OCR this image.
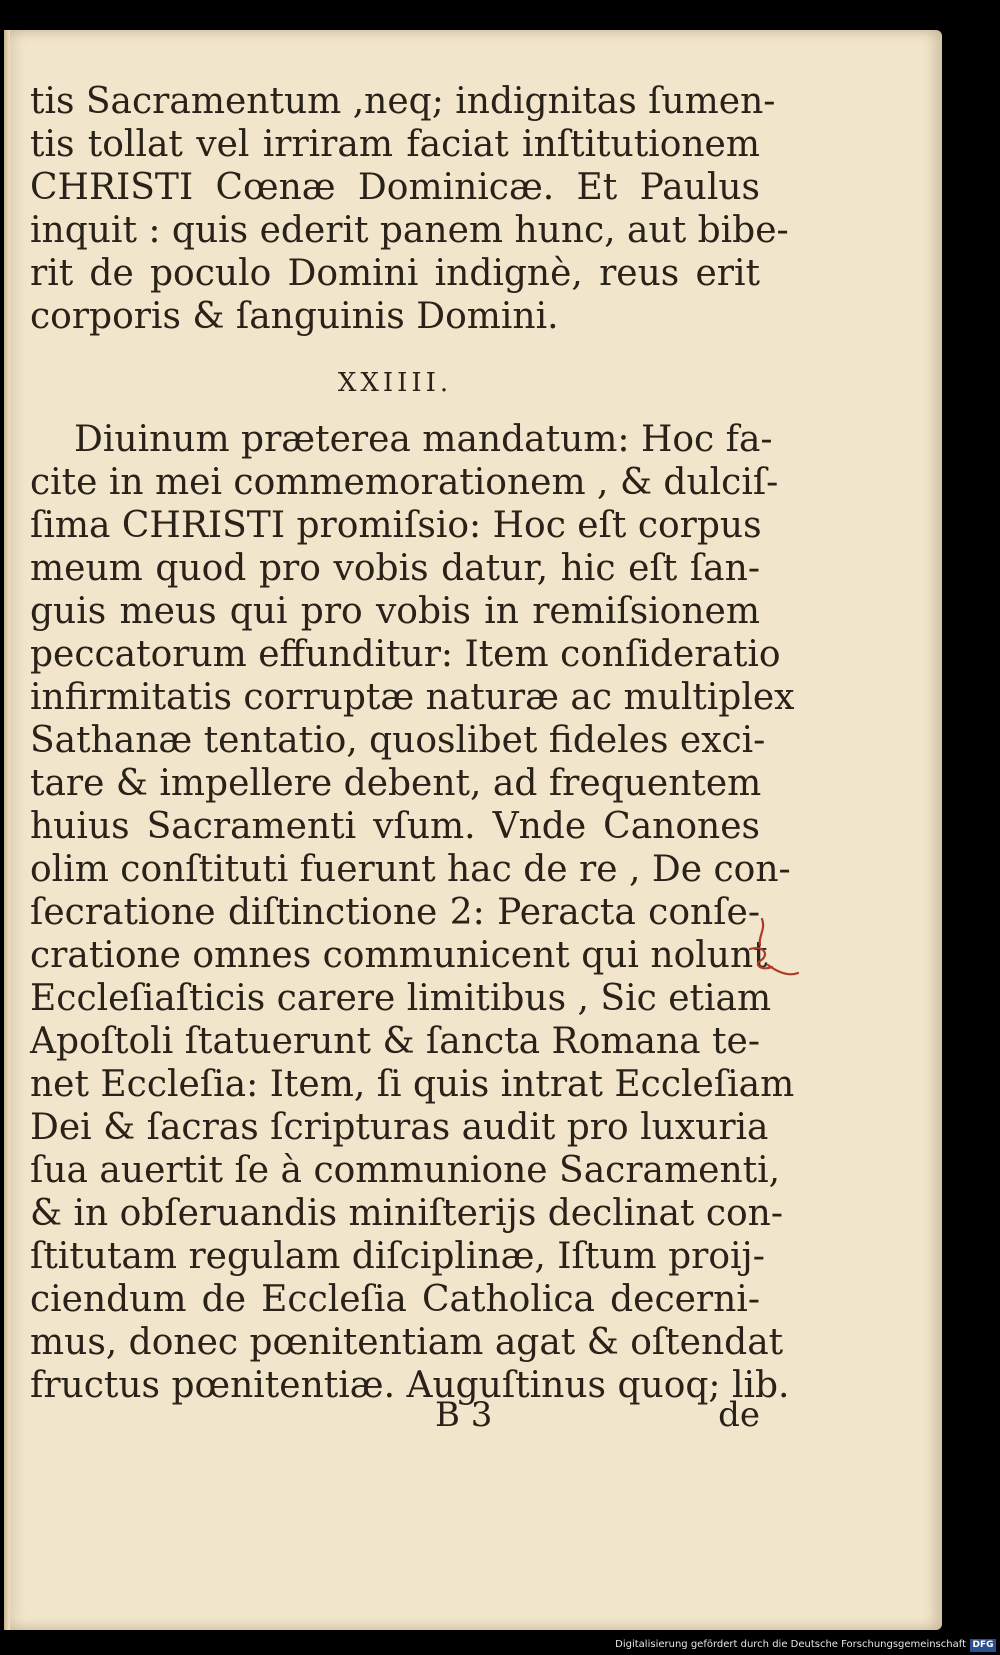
tis Sacramentum ,neq; indignitas ſumen-
tis tollat vel irriram faciat inſtitutionem
CHRISTI Cœnæ Dominicæ. Et Paulus
inquit : quis ederit panem hunc, aut bibe-
rit de poculo Domini indignè, reus erit
corporis & ſanguinis Domini.
XXIIII.
Diuinum præterea mandatum: Hoc fa-
cite in mei commemorationem , & dulciſ-
ſima CHRISTI promiſsio: Hoc eſt corpus
meum quod pro vobis datur, hic eſt ſan-
guis meus qui pro vobis in remiſsionem
peccatorum effunditur: Item conſideratio
infirmitatis corruptæ naturæ ac multiplex
Sathanæ tentatio, quoslibet fideles exci-
tare & impellere debent, ad frequentem
huius Sacramenti vſum. Vnde Canones
olim conſtituti fuerunt hac de re , De con-
ſecratione diſtinctione 2: Peracta conſe-
cratione omnes communicent qui nolunt
Eccleſiaſticis carere limitibus , Sic etiam
Apoſtoli ſtatuerunt & ſancta Romana te-
net Eccleſia: Item, ſi quis intrat Eccleſiam
Dei & ſacras ſcripturas audit pro luxuria
ſua auertit ſe à communione Sacramenti,
& in obſeruandis miniſterijs declinat con-
ſtitutam regulam diſciplinæ, Iſtum proij-
ciendum de Eccleſia Catholica decerni-
mus, donec pœnitentiam agat & oſtendat
fructus pœnitentiæ. Auguſtinus quoq; lib.
B 3	de
Digitalisierung gefördert durch die Deutsche Forschungsgemeinschaft DFG
